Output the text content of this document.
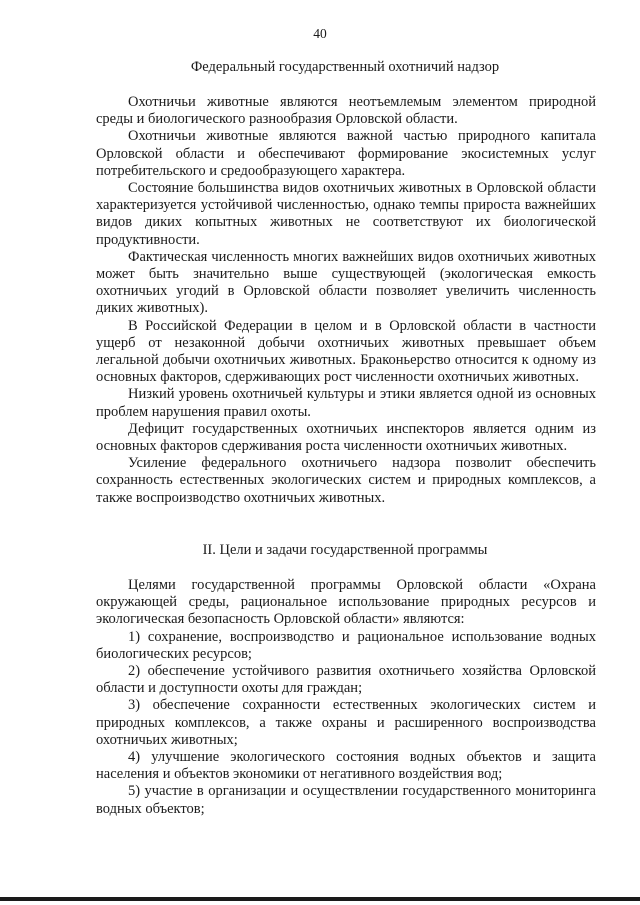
40
Федеральный государственный охотничий надзор

Охотничьи животные являются неотъемлемым элементом природной среды и биологического разнообразия Орловской области.

Охотничьи животные являются важной частью природного капитала Орловской области и обеспечивают формирование экосистемных услуг потребительского и средообразующего характера.

Состояние большинства видов охотничьих животных в Орловской области характеризуется устойчивой численностью, однако темпы прироста важнейших видов диких копытных животных не соответствуют их биологической продуктивности.

Фактическая численность многих важнейших видов охотничьих животных может быть значительно выше существующей (экологическая емкость охотничьих угодий в Орловской области позволяет увеличить численность диких животных).

В Российской Федерации в целом и в Орловской области в частности ущерб от незаконной добычи охотничьих животных превышает объем легальной добычи охотничьих животных. Браконьерство относится к одному из основных факторов, сдерживающих рост численности охотничьих животных.

Низкий уровень охотничьей культуры и этики является одной из основных проблем нарушения правил охоты.

Дефицит государственных охотничьих инспекторов является одним из основных факторов сдерживания роста численности охотничьих животных.

Усиление федерального охотничьего надзора позволит обеспечить сохранность естественных экологических систем и природных комплексов, а также воспроизводство охотничьих животных.

II. Цели и задачи государственной программы

Целями государственной программы Орловской области «Охрана окружающей среды, рациональное использование природных ресурсов и экологическая безопасность Орловской области» являются:

1) сохранение, воспроизводство и рациональное использование водных биологических ресурсов;

2) обеспечение устойчивого развития охотничьего хозяйства Орловской области и доступности охоты для граждан;

3) обеспечение сохранности естественных экологических систем и природных комплексов, а также охраны и расширенного воспроизводства охотничьих животных;

4) улучшение экологического состояния водных объектов и защита населения и объектов экономики от негативного воздействия вод;

5) участие в организации и осуществлении государственного мониторинга водных объектов;
